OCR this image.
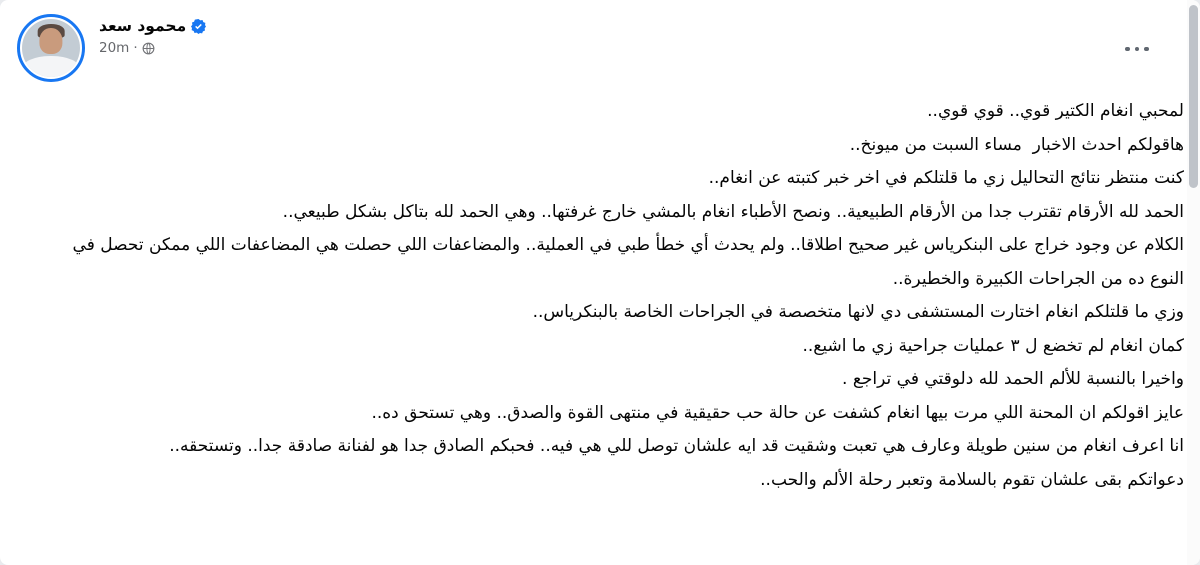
محمود سعد
20m ·
لمحبي انغام الكتير قوي.. قوي قوي..
هاقولكم احدث الاخبار  مساء السبت من ميونخ..
كنت منتظر نتائج التحاليل زي ما قلتلكم في اخر خبر كتبته عن انغام..
الحمد لله الأرقام تقترب جدا من الأرقام الطبيعية.. ونصح الأطباء انغام بالمشي خارج غرفتها.. وهي الحمد لله بتاكل بشكل طبيعي..
الكلام عن وجود خراج على البنكرياس غير صحيح اطلاقا.. ولم يحدث أي خطأ طبي في العملية.. والمضاعفات اللي حصلت هي المضاعفات اللي ممكن تحصل في النوع ده من الجراحات الكبيرة والخطيرة..
وزي ما قلتلكم انغام اختارت المستشفى دي لانها متخصصة في الجراحات الخاصة بالبنكرياس..
كمان انغام لم تخضع ل ٣ عمليات جراحية زي ما اشيع..
واخيرا بالنسبة للألم الحمد لله دلوقتي في تراجع .
عايز اقولكم ان المحنة اللي مرت بيها انغام كشفت عن حالة حب حقيقية في منتهى القوة والصدق.. وهي تستحق ده..
انا اعرف انغام من سنين طويلة وعارف هي تعبت وشقيت قد ايه علشان توصل للي هي فيه.. فحبكم الصادق جدا هو لفنانة صادقة جدا.. وتستحقه..
دعواتكم بقى علشان تقوم بالسلامة وتعبر رحلة الألم والحب..
